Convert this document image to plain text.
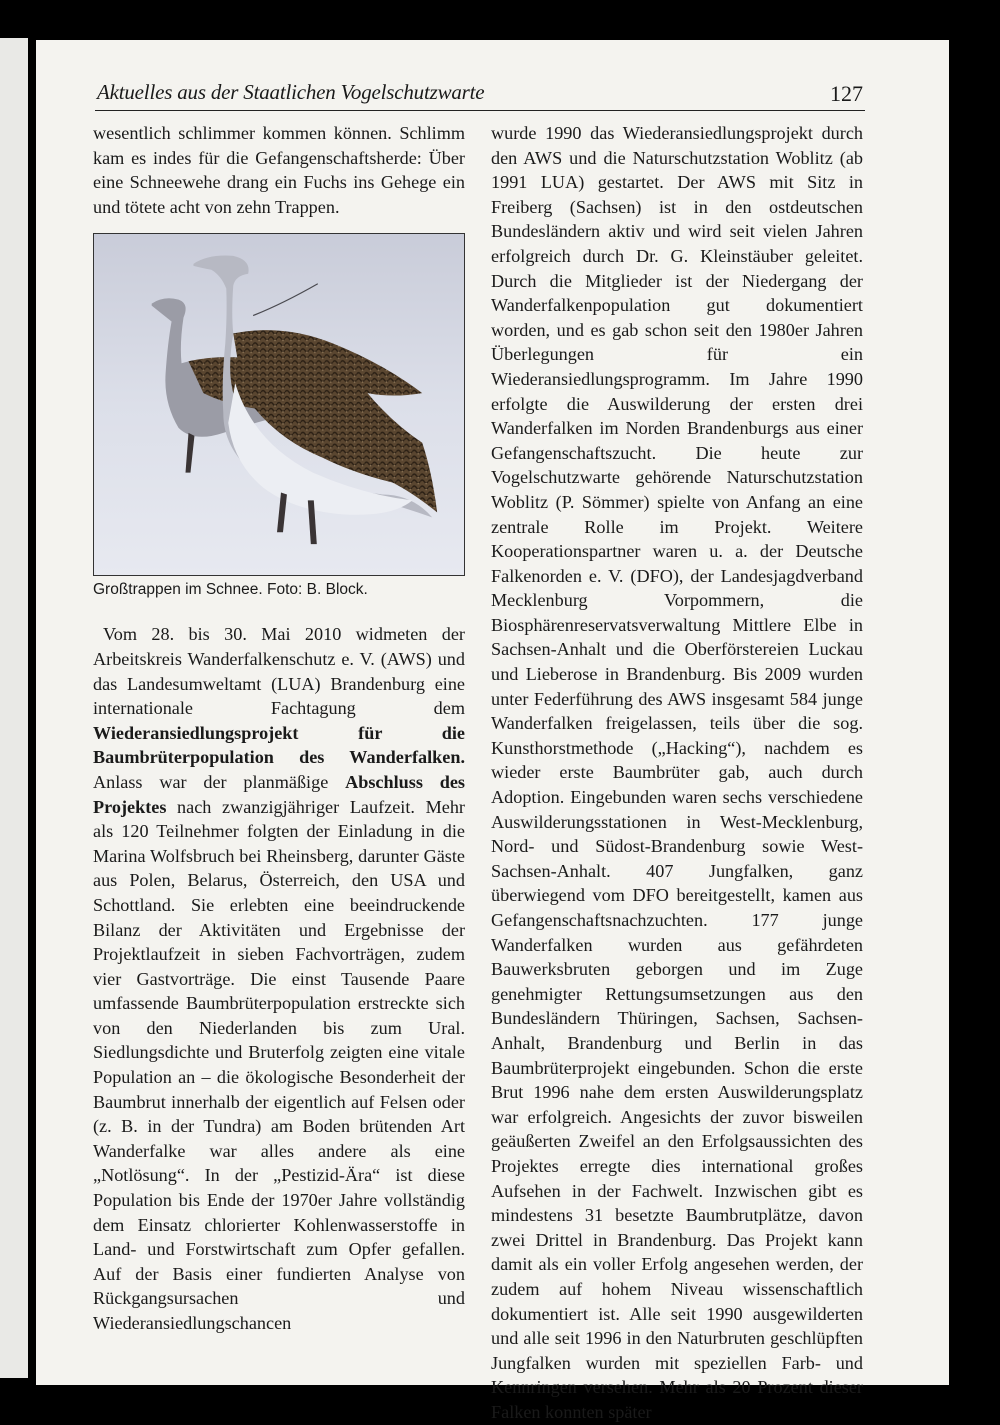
Aktuelles aus der Staatlichen Vogelschutzwarte	127

wesentlich schlimmer kommen können. Schlimm kam es indes für die Gefangenschaftsherde: Über eine Schneewehe drang ein Fuchs ins Gehege ein und tötete acht von zehn Trappen.

Großtrappen im Schnee. Foto: B. Block.

Vom 28. bis 30. Mai 2010 widmeten der Arbeitskreis Wanderfalkenschutz e. V. (AWS) und das Landesumweltamt (LUA) Brandenburg eine internationale Fachtagung dem Wiederansiedlungsprojekt für die Baumbrüterpopulation des Wanderfalken. Anlass war der planmäßige Abschluss des Projektes nach zwanzigjähriger Laufzeit. Mehr als 120 Teilnehmer folgten der Einladung in die Marina Wolfsbruch bei Rheinsberg, darunter Gäste aus Polen, Belarus, Österreich, den USA und Schottland. Sie erlebten eine beeindruckende Bilanz der Aktivitäten und Ergebnisse der Projektlaufzeit in sieben Fachvorträgen, zudem vier Gastvorträge. Die einst Tausende Paare umfassende Baumbrüterpopulation erstreckte sich von den Niederlanden bis zum Ural. Siedlungsdichte und Bruterfolg zeigten eine vitale Population an – die ökologische Besonderheit der Baumbrut innerhalb der eigentlich auf Felsen oder (z. B. in der Tundra) am Boden brütenden Art Wanderfalke war alles andere als eine „Notlösung“. In der „Pestizid-Ära“ ist diese Population bis Ende der 1970er Jahre vollständig dem Einsatz chlorierter Kohlenwasserstoffe in Land- und Forstwirtschaft zum Opfer gefallen. Auf der Basis einer fundierten Analyse von Rückgangsursachen und Wiederansiedlungschancen

wurde 1990 das Wiederansiedlungsprojekt durch den AWS und die Naturschutzstation Woblitz (ab 1991 LUA) gestartet. Der AWS mit Sitz in Freiberg (Sachsen) ist in den ostdeutschen Bundesländern aktiv und wird seit vielen Jahren erfolgreich durch Dr. G. Kleinstäuber geleitet. Durch die Mitglieder ist der Niedergang der Wanderfalkenpopulation gut dokumentiert worden, und es gab schon seit den 1980er Jahren Überlegungen für ein Wiederansiedlungsprogramm. Im Jahre 1990 erfolgte die Auswilderung der ersten drei Wanderfalken im Norden Brandenburgs aus einer Gefangenschaftszucht. Die heute zur Vogelschutzwarte gehörende Naturschutzstation Woblitz (P. Sömmer) spielte von Anfang an eine zentrale Rolle im Projekt. Weitere Kooperationspartner waren u. a. der Deutsche Falkenorden e. V. (DFO), der Landesjagdverband Mecklenburg Vorpommern, die Biosphärenreservatsverwaltung Mittlere Elbe in Sachsen-Anhalt und die Oberförstereien Luckau und Lieberose in Brandenburg. Bis 2009 wurden unter Federführung des AWS insgesamt 584 junge Wanderfalken freigelassen, teils über die sog. Kunsthorstmethode („Hacking“), nachdem es wieder erste Baumbrüter gab, auch durch Adoption. Eingebunden waren sechs verschiedene Auswilderungsstationen in West-Mecklenburg, Nord- und Südost-Brandenburg sowie West-Sachsen-Anhalt. 407 Jungfalken, ganz überwiegend vom DFO bereitgestellt, kamen aus Gefangenschaftsnachzuchten. 177 junge Wanderfalken wurden aus gefährdeten Bauwerksbruten geborgen und im Zuge genehmigter Rettungsumsetzungen aus den Bundesländern Thüringen, Sachsen, Sachsen-Anhalt, Brandenburg und Berlin in das Baumbrüterprojekt eingebunden. Schon die erste Brut 1996 nahe dem ersten Auswilderungsplatz war erfolgreich. Angesichts der zuvor bisweilen geäußerten Zweifel an den Erfolgsaussichten des Projektes erregte dies international großes Aufsehen in der Fachwelt. Inzwischen gibt es mindestens 31 besetzte Baumbrutplätze, davon zwei Drittel in Brandenburg. Das Projekt kann damit als ein voller Erfolg angesehen werden, der zudem auf hohem Niveau wissenschaftlich dokumentiert ist. Alle seit 1990 ausgewilderten und alle seit 1996 in den Naturbruten geschlüpften Jungfalken wurden mit speziellen Farb- und Kennringen versehen. Mehr als 20 Prozent dieser Falken konnten später
